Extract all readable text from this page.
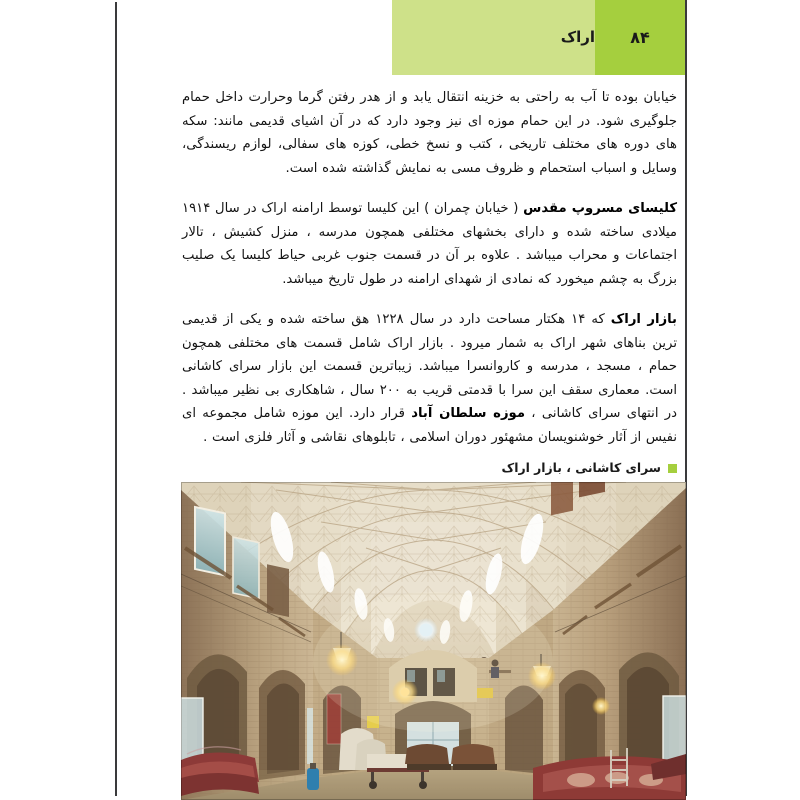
۸۴
اراک

خیابان بوده تا آب به راحتی به خزینه انتقال یابد و از هدر رفتن گرما وحرارت داخل حمام جلوگیری شود. در این حمام موزه ای نیز وجود دارد که در آن اشیای قدیمی مانند: سکه های دوره های مختلف تاریخی ، کتب و نسخ خطی، کوزه های سفالی، لوازم ریسندگی، وسایل و اسباب استحمام و ظروف مسی به نمایش گذاشته شده است.

کلیسای مسروپ مقدس ( خیابان چمران ) این کلیسا توسط ارامنه اراک در سال ۱۹۱۴ میلادی ساخته شده و دارای بخشهای مختلفی همچون مدرسه ، منزل کشیش ، تالار اجتماعات و محراب میباشد . علاوه بر آن در قسمت جنوب غربی حیاط کلیسا یک صلیب بزرگ به چشم میخورد که نمادی از شهدای ارامنه در طول تاریخ میباشد.

بازار اراک که ۱۴ هکتار مساحت دارد در سال ۱۲۲۸ ه‍ق ساخته شده و یکی از قدیمی ترین بناهای شهر اراک به شمار میرود . بازار اراک شامل قسمت های مختلفی همچون حمام ، مسجد ، مدرسه و کاروانسرا میباشد. زیباترین قسمت این بازار سرای کاشانی است. معماری سقف این سرا با قدمتی قریب به ۲۰۰ سال ، شاهکاری بی نظیر میباشد . در انتهای سرای کاشانی ، موزه سلطان آباد قرار دارد. این موزه شامل مجموعه ای نفیس از آثار خوشنویسان مشهئور دوران اسلامی ، تابلوهای نقاشی و آثار فلزی است .

سرای کاشانی ، بازار اراک
